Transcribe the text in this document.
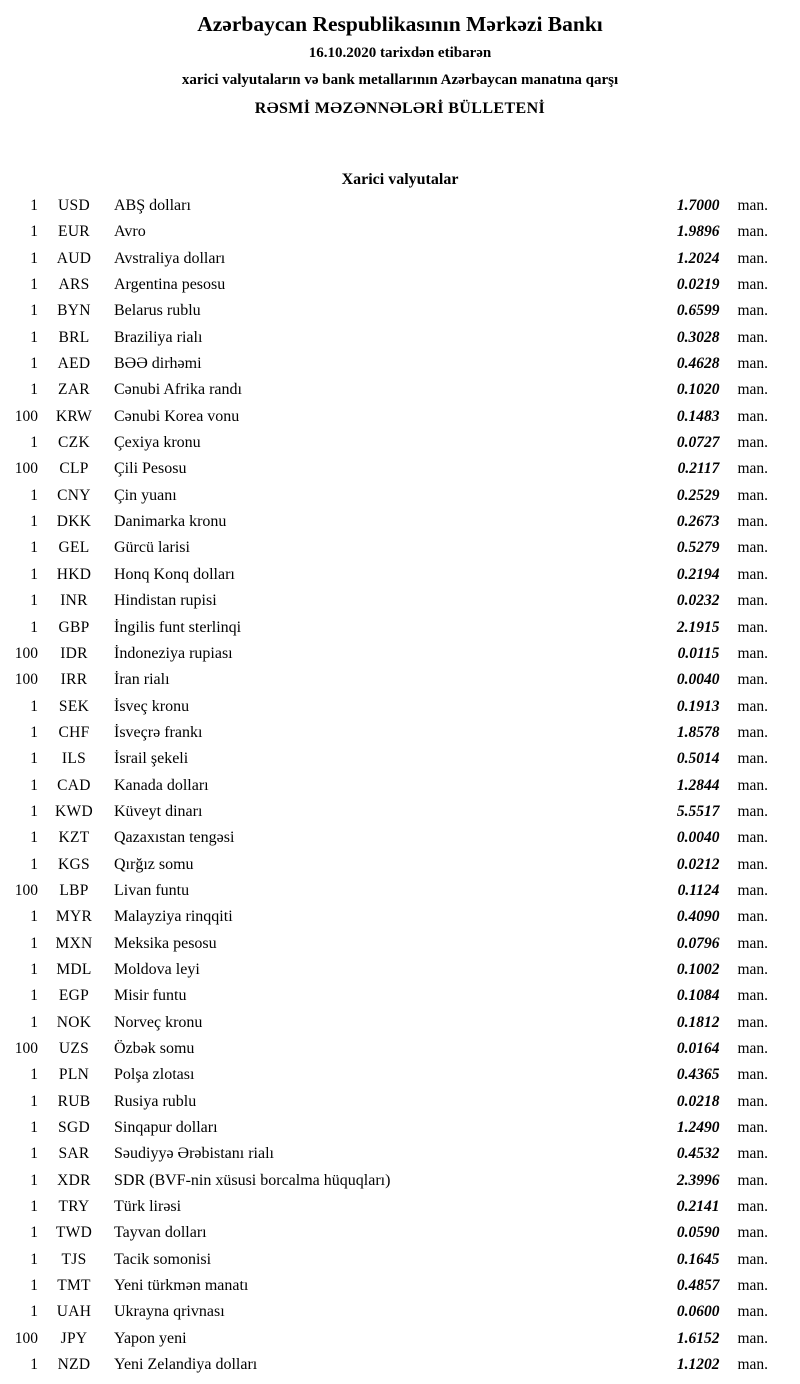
Azərbaycan Respublikasının Mərkəzi Bankı
16.10.2020 tarixdən etibarən
xarici valyutaların və bank metallarının Azərbaycan manatına qarşı
RƏSMİ MƏZƏNNƏLƏRİ BÜLLETENİ
Xarici valyutalar
1	USD	ABŞ dolları	1.7000	man.
1	EUR	Avro	1.9896	man.
1	AUD	Avstraliya dolları	1.2024	man.
1	ARS	Argentina pesosu	0.0219	man.
1	BYN	Belarus rublu	0.6599	man.
1	BRL	Braziliya rialı	0.3028	man.
1	AED	BƏƏ dirhəmi	0.4628	man.
1	ZAR	Cənubi Afrika randı	0.1020	man.
100	KRW	Cənubi Korea vonu	0.1483	man.
1	CZK	Çexiya kronu	0.0727	man.
100	CLP	Çili Pesosu	0.2117	man.
1	CNY	Çin yuanı	0.2529	man.
1	DKK	Danimarka kronu	0.2673	man.
1	GEL	Gürcü larisi	0.5279	man.
1	HKD	Honq Konq dolları	0.2194	man.
1	INR	Hindistan rupisi	0.0232	man.
1	GBP	İngilis funt sterlinqi	2.1915	man.
100	IDR	İndoneziya rupiası	0.0115	man.
100	IRR	İran rialı	0.0040	man.
1	SEK	İsveç kronu	0.1913	man.
1	CHF	İsveçrə frankı	1.8578	man.
1	ILS	İsrail şekeli	0.5014	man.
1	CAD	Kanada dolları	1.2844	man.
1	KWD	Küveyt dinarı	5.5517	man.
1	KZT	Qazaxıstan tengəsi	0.0040	man.
1	KGS	Qırğız somu	0.0212	man.
100	LBP	Livan funtu	0.1124	man.
1	MYR	Malayziya rinqqiti	0.4090	man.
1	MXN	Meksika pesosu	0.0796	man.
1	MDL	Moldova leyi	0.1002	man.
1	EGP	Misir funtu	0.1084	man.
1	NOK	Norveç kronu	0.1812	man.
100	UZS	Özbək somu	0.0164	man.
1	PLN	Polşa zlotası	0.4365	man.
1	RUB	Rusiya rublu	0.0218	man.
1	SGD	Sinqapur dolları	1.2490	man.
1	SAR	Səudiyyə Ərəbistanı rialı	0.4532	man.
1	XDR	SDR (BVF-nin xüsusi borcalma hüquqları)	2.3996	man.
1	TRY	Türk lirəsi	0.2141	man.
1	TWD	Tayvan dolları	0.0590	man.
1	TJS	Tacik somonisi	0.1645	man.
1	TMT	Yeni türkmən manatı	0.4857	man.
1	UAH	Ukrayna qrivnası	0.0600	man.
100	JPY	Yapon yeni	1.6152	man.
1	NZD	Yeni Zelandiya dolları	1.1202	man.
